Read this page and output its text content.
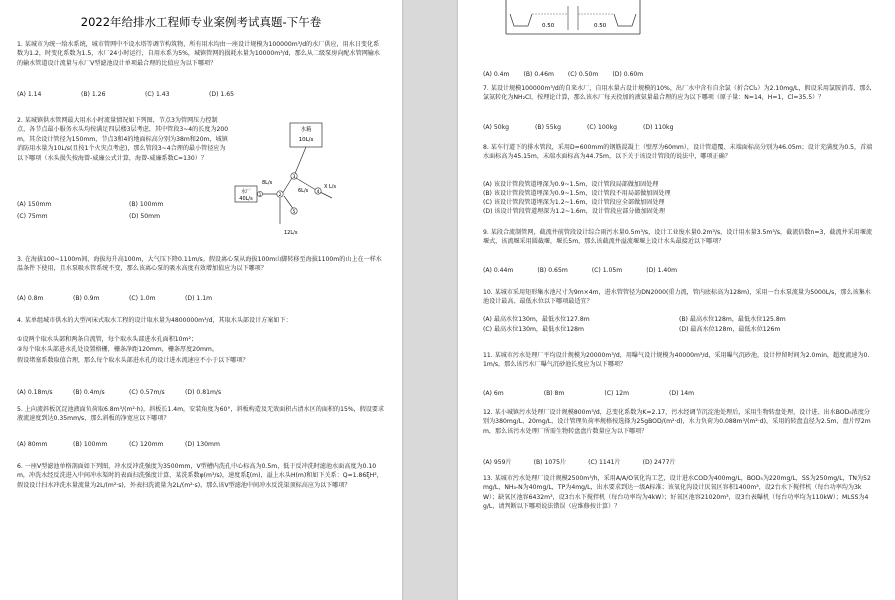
2022年给排水工程师专业案例考试真题-下午卷
1. 某城市为统一给水系统，城市管网中不设水塔等调节构筑物，所有用水均由一座设计规模为100000m³/d的水厂供应，用水日变化系数为1.2，时变化系数为1.5，水厂24小时运行，自用水系为5%，城镇管网的损耗水量为10000m³/d，那么从二级泵房向配水管网输水的输水管道设计流量与水厂V型滤池设计单项最合理的比值应为以下哪项？
(A) 1.14	(B) 1.26	(C) 1.43	(D) 1.65
2. 某城镇供水管网最大用水小时流量情况如下列图，节点3为管网压力控制点，各节点最小服务水头均按满足四层楼3层考虑，其中管段3~4的长度为200m，其余设计管径为150mm，节点3和4的地面标高分别为38m和20m，城镇消防用水量为10L/s(且按1个火灾点考虑)，那么管段3~4合理的最小管径应为以下哪项（水头损失按海曾-威廉公式计算，海曾-威廉系数C=130）？
(A) 150mm	(B) 100mm
(C) 75mm	(D) 50mm
水箱
10L/s
水厂
40L/s
3
2
4
5
1
8L/s
6L/s
X L/s
12L/s
3. 在海拔100~1100m间，海拔每升高100m，大气压下降0.11m/s。假设离心泵从海拔100m山脚转移至海拔1100m的山上在一样水温条件下使用，且水泵吸水管系统不变，那么该离心泵的吸水高度有效增加值应为以下哪项？
(A) 0.8m	(B) 0.9m	(C) 1.0m	(D) 1.1m
4. 某单组城市供水的大型河床式取水工程的设计取水量为4800000m³/d，其取水头部设计方案如下：
①设两个取水头部和两条自流管，每个取水头部进水孔面积10m²；
②每个取水头部进水孔处设置格栅，栅条净距120mm，栅条厚度20mm。
假设堵塞系数取值合理，那么每个取水头部进水孔的设计进水流速应不小于以下哪项？
(A) 0.18m/s	(B) 0.4m/s	(C) 0.57m/s	(D) 0.81m/s
5. 上向流斜板沉淀池液面负荷取6.8m³/(m²·h)，斜板长1.4m，安装角度为60°，斜板构造及无效面积占清水区的面积的15%，假设要求液流速度到达0.35mm/s，那么斜板的净宽应以下哪项？
(A) 80mm	(B) 100mm	(C) 120mm	(D) 130mm
6. 一座V型滤池单格剖面如下列图，冲水反冲洗强度为3500mm，V型槽内洗孔中心标高为0.5m，低于反冲洗时滤池水面高度为0.10m，冲洗水经反洗进入中间冲水渠时的表面扫洗强度计算，某洗系数φ(m³/s)，速度系ξ(m)，溢上水头H(m)和如下关系：Q=1.86ξH²，假设设计扫水冲洗水量流量为2L/(m²·s)，外表扫洗流量为2L/(m²·s)，那么该V型滤池中间冲水反洗渠顶标高应为以下哪项？
0.50	0.50
(A) 0.4m (B) 0.46m (C) 0.50m (D) 0.60m
7. 某设计规模100000m³/d的自来水厂，自用水量占设计规模的10%，出厂水中含有自余氯（折合Cl₂）为2.10mg/L，假设采用氯胺消毒，那么氯氨转化为NH₂Cl，按理论计算，那么该水厂每天投加的液氨量最合理的应为以下哪项（原子量：N=14，H=1，Cl=35.5）？
(A) 50kg	(B) 55kg	(C) 100kg	(D) 110kg
8. 某车行道下的排水管段，采用D=600mm的钢筋混凝土（壁厚为60mm），设计管道覆、末端面标高分别为46.05m；设计充满度为0.5，首端水面标高为45.15m，末端水面标高为44.75m，以下关于该设计管段的说法中，哪项正确？
(A) 该设计管段管道埋深为0.9~1.5m，设计管段局部做加固处理
(B) 该设计管段管道埋深为0.9~1.5m，设计管段不用局部做加固处理
(C) 该设计管段管道埋深为1.2~1.6m，设计管段应全部做加固处理
(D) 该设计管段管道埋深为1.2~1.6m，设计管段应部分做加固处理
9. 某段合流制管网，截流井前管段设计综合雨污水量0.5m³/s，设计工业废水量0.2m³/s，设计用水量3.5m³/s，截流倍数n=3，截流井采用堰流堰式，该流堰采用圆截堰，堰长5m，那么该截流井溢流堰堰上设计水头最接近以下哪项？
(A) 0.44m	(B) 0.65m	(C) 1.05m	(D) 1.40m
10. 某城市采用矩形集水池尺寸为9m×4m，进水管管径为DN2000(重力流，管内底标高为128m)，采用一台水泵流量为5000L/s，那么该集水池设计最高、最低水位以下哪项最适宜？
(A) 最高水位130m，最低水位127.8m	(B) 最高水位128m，最低水位125.8m
(C) 最高水位130m，最低水位128m	(D) 最高水位128m，最低水位126m
11. 某城市污水处理厂平均设计规模为20000m³/d，用曝气设计规模为40000m³/d，采用曝气沉砂池，设计停留时间为2.0min，超度流速为0.1m/s，那么该污水厂曝气沉砂池长度应为以下哪项？
(A) 6m	(B) 8m	(C) 12m	(D) 14m
12. 某小城镇污水处理厂设计规模800m³/d，总变化系数为K=2.17，污水经调节沉淀池处理后，采用生物转盘处理，设计进、出水BOD₅浓度分别为380mg/L、20mg/L，设计管理负荷率规格按选择为25gBOD/(m²·d)，水力负荷为0.088m³/(m²·d)，采用的转盘直径为2.5m，盘片厚2mm，那么该污水处理厂所需生物转盘盘片数量应为以下哪项？
(A) 959片	(B) 1075片	(C) 1141片	(D) 2477片
13. 某城市污水处理厂设计规模2500m³/h，采用A/A/O氧化沟工艺，设计进水COD为400mg/L，BOD₅为220mg/L，SS为250mg/L，TN为52mg/L，NH₃-N为40mg/L，TP为4mg/L，出水要求到达一级A标准；该氧化沟设计厌氧区容积1400m³，设2台水下搅拌机（每台功率均为3kW）；缺氧区池容6432m³，设3台水下搅拌机（每台功率均为4kW）；好氧区池容21020m³，设3台表曝机（每台功率均为110kW）；MLSS为4g/L，请判断以下哪项说法错误（应维修按计算）？
